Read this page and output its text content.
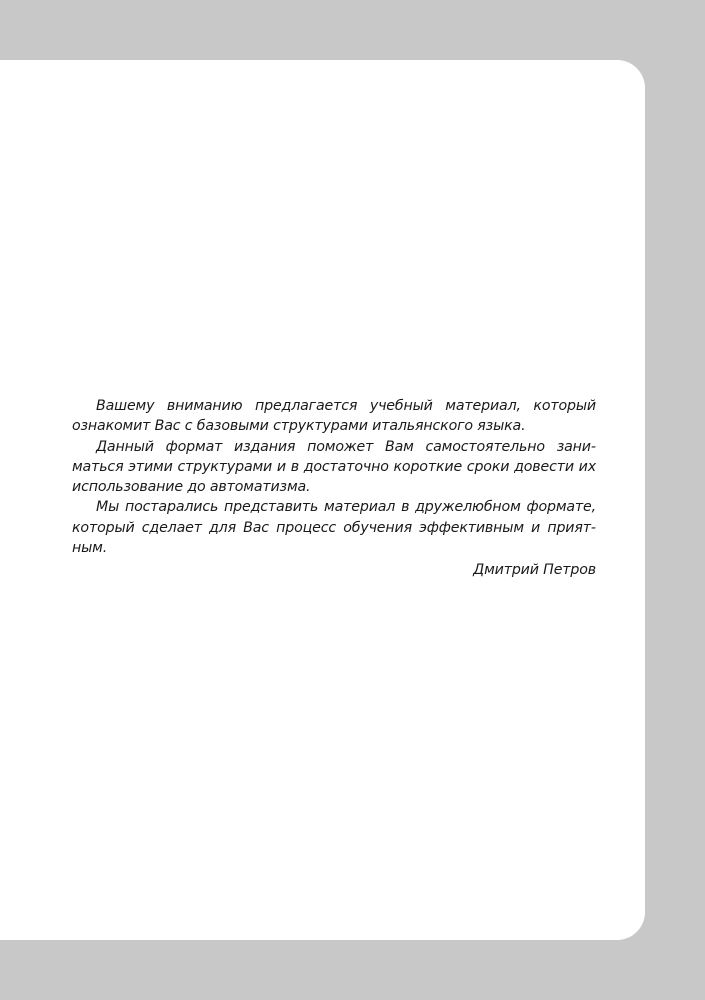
Вашему вниманию предлагается учебный материал, который ознакомит Вас с базовыми структурами итальянского языка.

Данный формат издания поможет Вам самостоятельно заниматься этими структурами и в достаточно короткие сроки довести их использование до автоматизма.

Мы постарались представить материал в дружелюбном формате, который сделает для Вас процесс обучения эффективным и приятным.

Дмитрий Петров
